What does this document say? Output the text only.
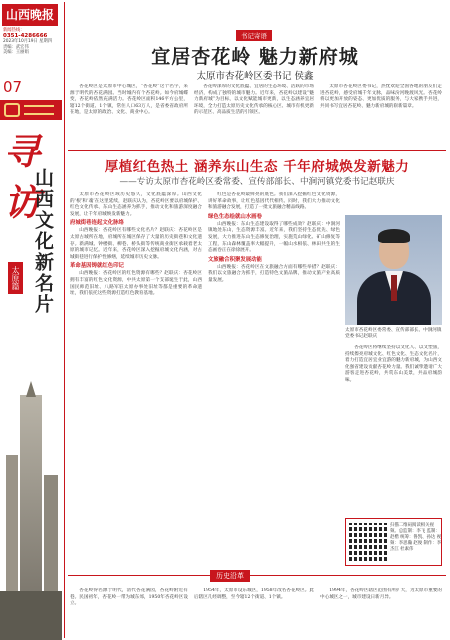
山西晚报
新闻热线：
0351-4286666
2023年10月19日 星期四
责编：武宏伟
美编：王丽娟
07
寻访
山西文化新名片
太原篇
书记寄语
宜居杏花岭 魅力新府城
太原市杏花岭区委书记 侯鑫

杏花岭区是太原市中心城区，“杏花岭”这个名字，来源于明代的杏花满园。当时城内有个杏花岭。如今府城蝶变，杏花岭依然充满活力。杏花岭区面积146平方公里，辖12个街道、1个镇，常住人口63万人，是省委省政府所在地，是太原的政治、文化、商业中心。

杏花岭深厚的文化底蕴、宜居的生态环境、活跃的市场经济，构成了独特的城市魅力。近年来，杏花岭以建设“魅力新府城”为目标，以文化赋能城市更新，以生态涵养宜居环境，全力打造太原历史文化传承的核心区、城市有机更新的示范区、高品质生活的引领区。

太原市杏花岭区委书记，热忱欢迎全国各地的朋友们走进杏花岭，感受府城千年文脉，品味汾河晚渡风光。杏花岭将以更加开放的姿态、更加优质的服务，与大家携手共进，共同书写宜居杏花岭、魅力新府城的崭新篇章。

厚植红色热土 涵养东山生态 千年府城焕发新魅力
——专访太原市杏花岭区委常委、宣传部部长、中涧河镇党委书记赵联庆

太原市杏花岭区域历史悠久，文化底蕴深厚。山西文化的‘根’和‘魂’在这里延续，赵联庆认为，杏花岭区要以府城保护、红色文化传承、东山生态涵养为抓手，推动文化和旅游深度融合发展，让千年府城焕发新魅力。

府城街巷连起文化脉络

山西晚报：杏花岭区有哪些文化名片？赵联庆：杏花岭区是太原古城所在地，府城所在城区保存了大量的历史街巷和文化遗存。新满城、钟楼街、柳巷、桥头街等传统商业街区承载着老太原的城市记忆。近年来，杏花岭区深入挖掘府城文化内涵，对古城街巷进行保护性修缮，延续城市历史文脉。

革命基因铸就红色印记

山西晚报：杏花岭区的红色资源有哪些？赵联庆：杏花岭区拥有丰富的红色文化资源，中共太原第一个支部诞生于此，山西国民师范旧址、八路军驻太原办事处旧址等都是重要的革命遗址，我们依托这些资源打造红色教育基地。

红色是杏花岭最鲜亮的底色。我们深入挖掘红色文化资源，讲好革命故事，让红色基因代代相传。同时，我们大力推动文化和旅游融合发展，打造了一批文旅融合精品线路。

绿色生态绘就山水画卷

山西晚报：东山生态建设取得了哪些成效？赵联庆：中涧河镇地处东山，生态资源丰富。近年来，我们坚持生态优先、绿色发展，大力推进东山生态修复治理，实施荒山绿化、矿山修复等工程，东山森林覆盖率大幅提升，一幅山水相依、林田共生的生态画卷正在徐徐展开。

文旅融合积聚发展动能

山西晚报：杏花岭区在文旅融合方面有哪些举措？赵联庆：我们以文旅融合为抓手，打造特色文旅品牌，推动文旅产业高质量发展。

太原市杏花岭区委常委、宣传部部长、中涧河镇党委书记赵联庆

杏花岭区将继续坚持以文化人、以文塑旅，持续擦亮府城文化、红色文化、生态文化名片，着力打造宜居宜业宜游的魅力新府城，为山西文化强省建设贡献杏花岭力量。我们诚挚邀请广大游客走进杏花岭，共赏东山美景，共品府城韵味。

扫描二维码阅读相关视频。总监制：李飞 监制：赵楷 统筹：鲁凯、孙达 视频：李思瀚 赵俊 制作：李杰江 杜素伟
历史沿革

杏花岭得名源于明代，清代杏花满园，杏花岭附近有巷。民国初年，杏花岭一带为城东郊，1950年杏花岭区设立。

1954年，太原市设东城区，1958年改名杏花岭区。此后辖区几经调整，至今辖12个街道、1个镇。

1994年，杏花岭区辖区范围有所扩大，为太原市重要的中心城区之一，城市建设日新月异。
